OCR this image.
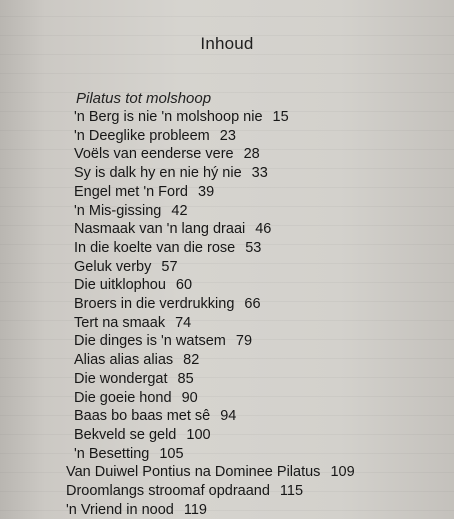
Inhoud
Pilatus tot molshoop
'n Berg is nie 'n molshoop nie 15
'n Deeglike probleem 23
Voëls van eenderse vere 28
Sy is dalk hy en nie hý nie 33
Engel met 'n Ford 39
'n Mis-gissing 42
Nasmaak van 'n lang draai 46
In die koelte van die rose 53
Geluk verby 57
Die uitklophou 60
Broers in die verdrukking 66
Tert na smaak 74
Die dinges is 'n watsem 79
Alias alias alias 82
Die wondergat 85
Die goeie hond 90
Baas bo baas met sê 94
Bekveld se geld 100
'n Besetting 105
Van Duiwel Pontius na Dominee Pilatus 109
Droomlangs stroomaf opdraand 115
'n Vriend in nood 119
